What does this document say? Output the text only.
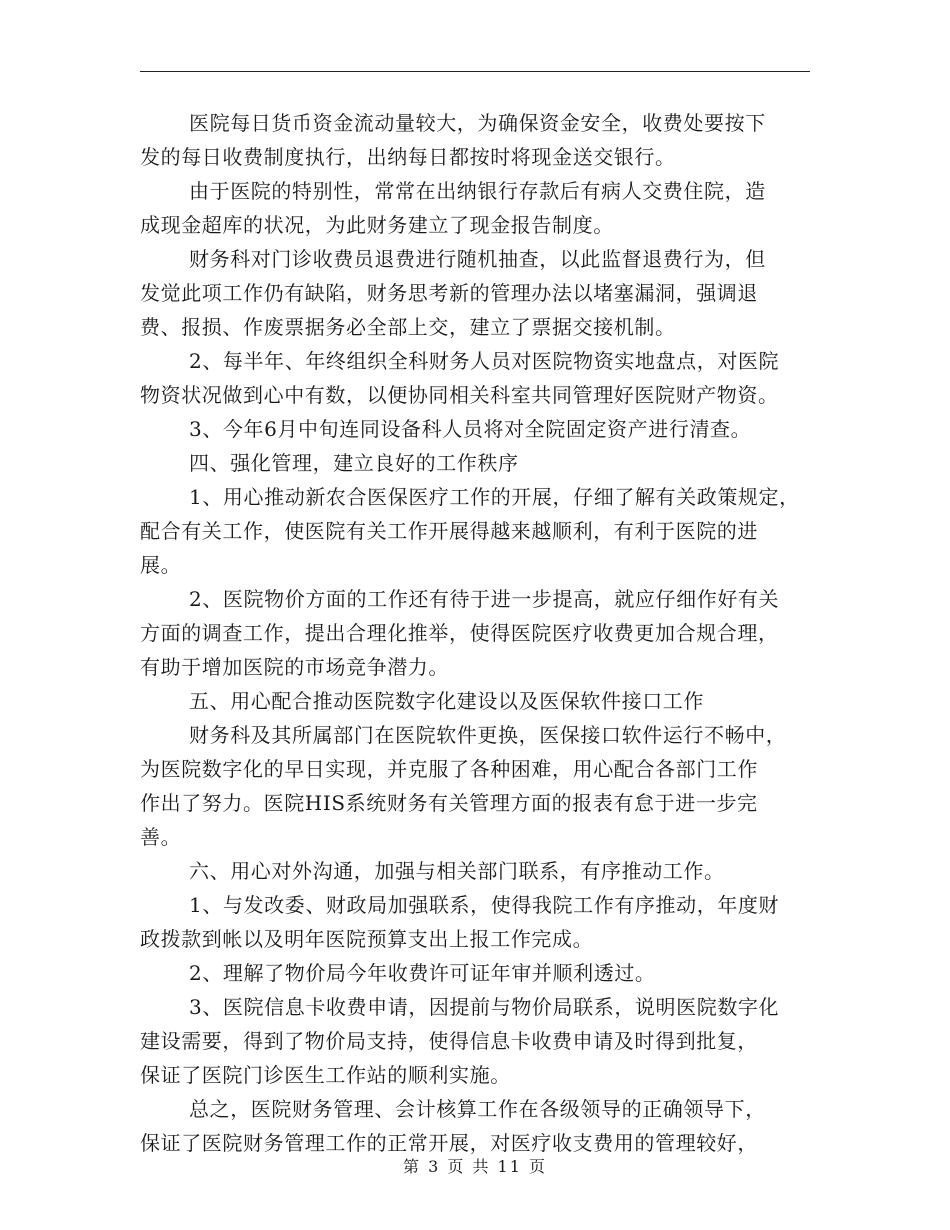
医院每日货币资金流动量较大，为确保资金安全，收费处要按下
发的每日收费制度执行，出纳每日都按时将现金送交银行。
由于医院的特别性，常常在出纳银行存款后有病人交费住院，造
成现金超库的状况，为此财务建立了现金报告制度。
财务科对门诊收费员退费进行随机抽查，以此监督退费行为，但
发觉此项工作仍有缺陷，财务思考新的管理办法以堵塞漏洞，强调退
费、报损、作废票据务必全部上交，建立了票据交接机制。
2、每半年、年终组织全科财务人员对医院物资实地盘点，对医院
物资状况做到心中有数，以便协同相关科室共同管理好医院财产物资。
3、今年6月中旬连同设备科人员将对全院固定资产进行清查。
四、强化管理，建立良好的工作秩序
1、用心推动新农合医保医疗工作的开展，仔细了解有关政策规定，
配合有关工作，使医院有关工作开展得越来越顺利，有利于医院的进
展。
2、医院物价方面的工作还有待于进一步提高，就应仔细作好有关
方面的调查工作，提出合理化推举，使得医院医疗收费更加合规合理，
有助于增加医院的市场竞争潜力。
五、用心配合推动医院数字化建设以及医保软件接口工作
财务科及其所属部门在医院软件更换，医保接口软件运行不畅中，
为医院数字化的早日实现，并克服了各种困难，用心配合各部门工作
作出了努力。医院HIS系统财务有关管理方面的报表有怠于进一步完
善。
六、用心对外沟通，加强与相关部门联系，有序推动工作。
1、与发改委、财政局加强联系，使得我院工作有序推动，年度财
政拨款到帐以及明年医院预算支出上报工作完成。
2、理解了物价局今年收费许可证年审并顺利透过。
3、医院信息卡收费申请，因提前与物价局联系，说明医院数字化
建设需要，得到了物价局支持，使得信息卡收费申请及时得到批复，
保证了医院门诊医生工作站的顺利实施。
总之，医院财务管理、会计核算工作在各级领导的正确领导下，
保证了医院财务管理工作的正常开展，对医疗收支费用的管理较好，
第 3 页 共 11 页
